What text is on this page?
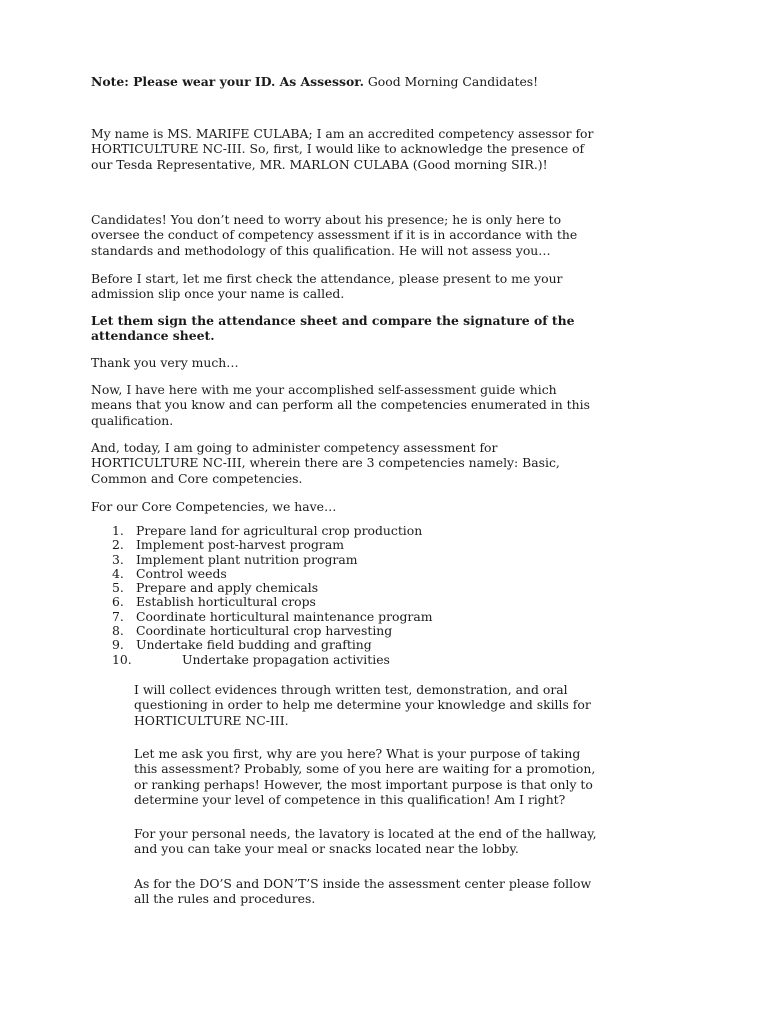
Note: Please wear your ID. As Assessor. Good Morning Candidates!

My name is MS. MARIFE CULABA; I am an accredited competency assessor for
HORTICULTURE NC-III. So, first, I would like to acknowledge the presence of
our Tesda Representative, MR. MARLON CULABA (Good morning SIR.)!

Candidates! You don’t need to worry about his presence; he is only here to
oversee the conduct of competency assessment if it is in accordance with the
standards and methodology of this qualification. He will not assess you…

Before I start, let me first check the attendance, please present to me your
admission slip once your name is called.

Let them sign the attendance sheet and compare the signature of the
attendance sheet.

Thank you very much…

Now, I have here with me your accomplished self-assessment guide which
means that you know and can perform all the competencies enumerated in this
qualification.

And, today, I am going to administer competency assessment for
HORTICULTURE NC-III, wherein there are 3 competencies namely: Basic,
Common and Core competencies.

For our Core Competencies, we have…

1. Prepare land for agricultural crop production
2. Implement post-harvest program
3. Implement plant nutrition program
4. Control weeds
5. Prepare and apply chemicals
6. Establish horticultural crops
7. Coordinate horticultural maintenance program
8. Coordinate horticultural crop harvesting
9. Undertake field budding and grafting
10.	Undertake propagation activities

I will collect evidences through written test, demonstration, and oral
questioning in order to help me determine your knowledge and skills for
HORTICULTURE NC-III.

Let me ask you first, why are you here? What is your purpose of taking
this assessment? Probably, some of you here are waiting for a promotion,
or ranking perhaps! However, the most important purpose is that only to
determine your level of competence in this qualification! Am I right?

For your personal needs, the lavatory is located at the end of the hallway,
and you can take your meal or snacks located near the lobby.

As for the DO’S and DON’T’S inside the assessment center please follow
all the rules and procedures.
